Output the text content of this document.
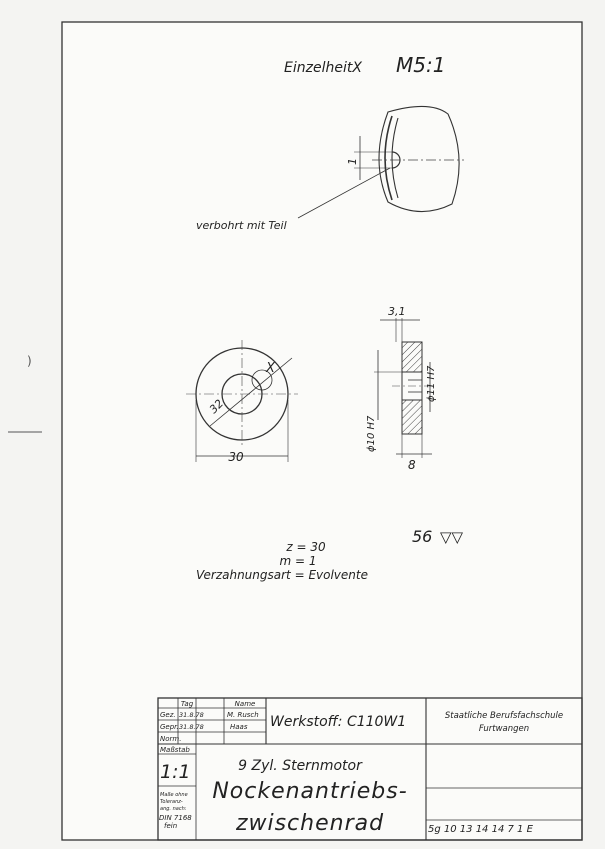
)
EinzelheitX M5:1
1
verbohrt mit Teil
32
X
30
3,1
ϕ10 H7
ϕ11 H7
8
z = 30
m = 1
Verzahnungsart = Evolvente
56 ▽▽
Tag	Name
Gez. 31.8.78	M. Rusch
Gepr. 31.8.78	Haas
Norm.
Werkstoff: C110W1	Staatliche Berufsfachschule
Furtwangen
Maßstab
1:1
Maße ohne
Toleranz-
ang. nach:
DIN 7168
fein
9 Zyl. Sternmotor
Nockenantriebs-
zwischenrad	5g 10 13 14 14 7 1 E
